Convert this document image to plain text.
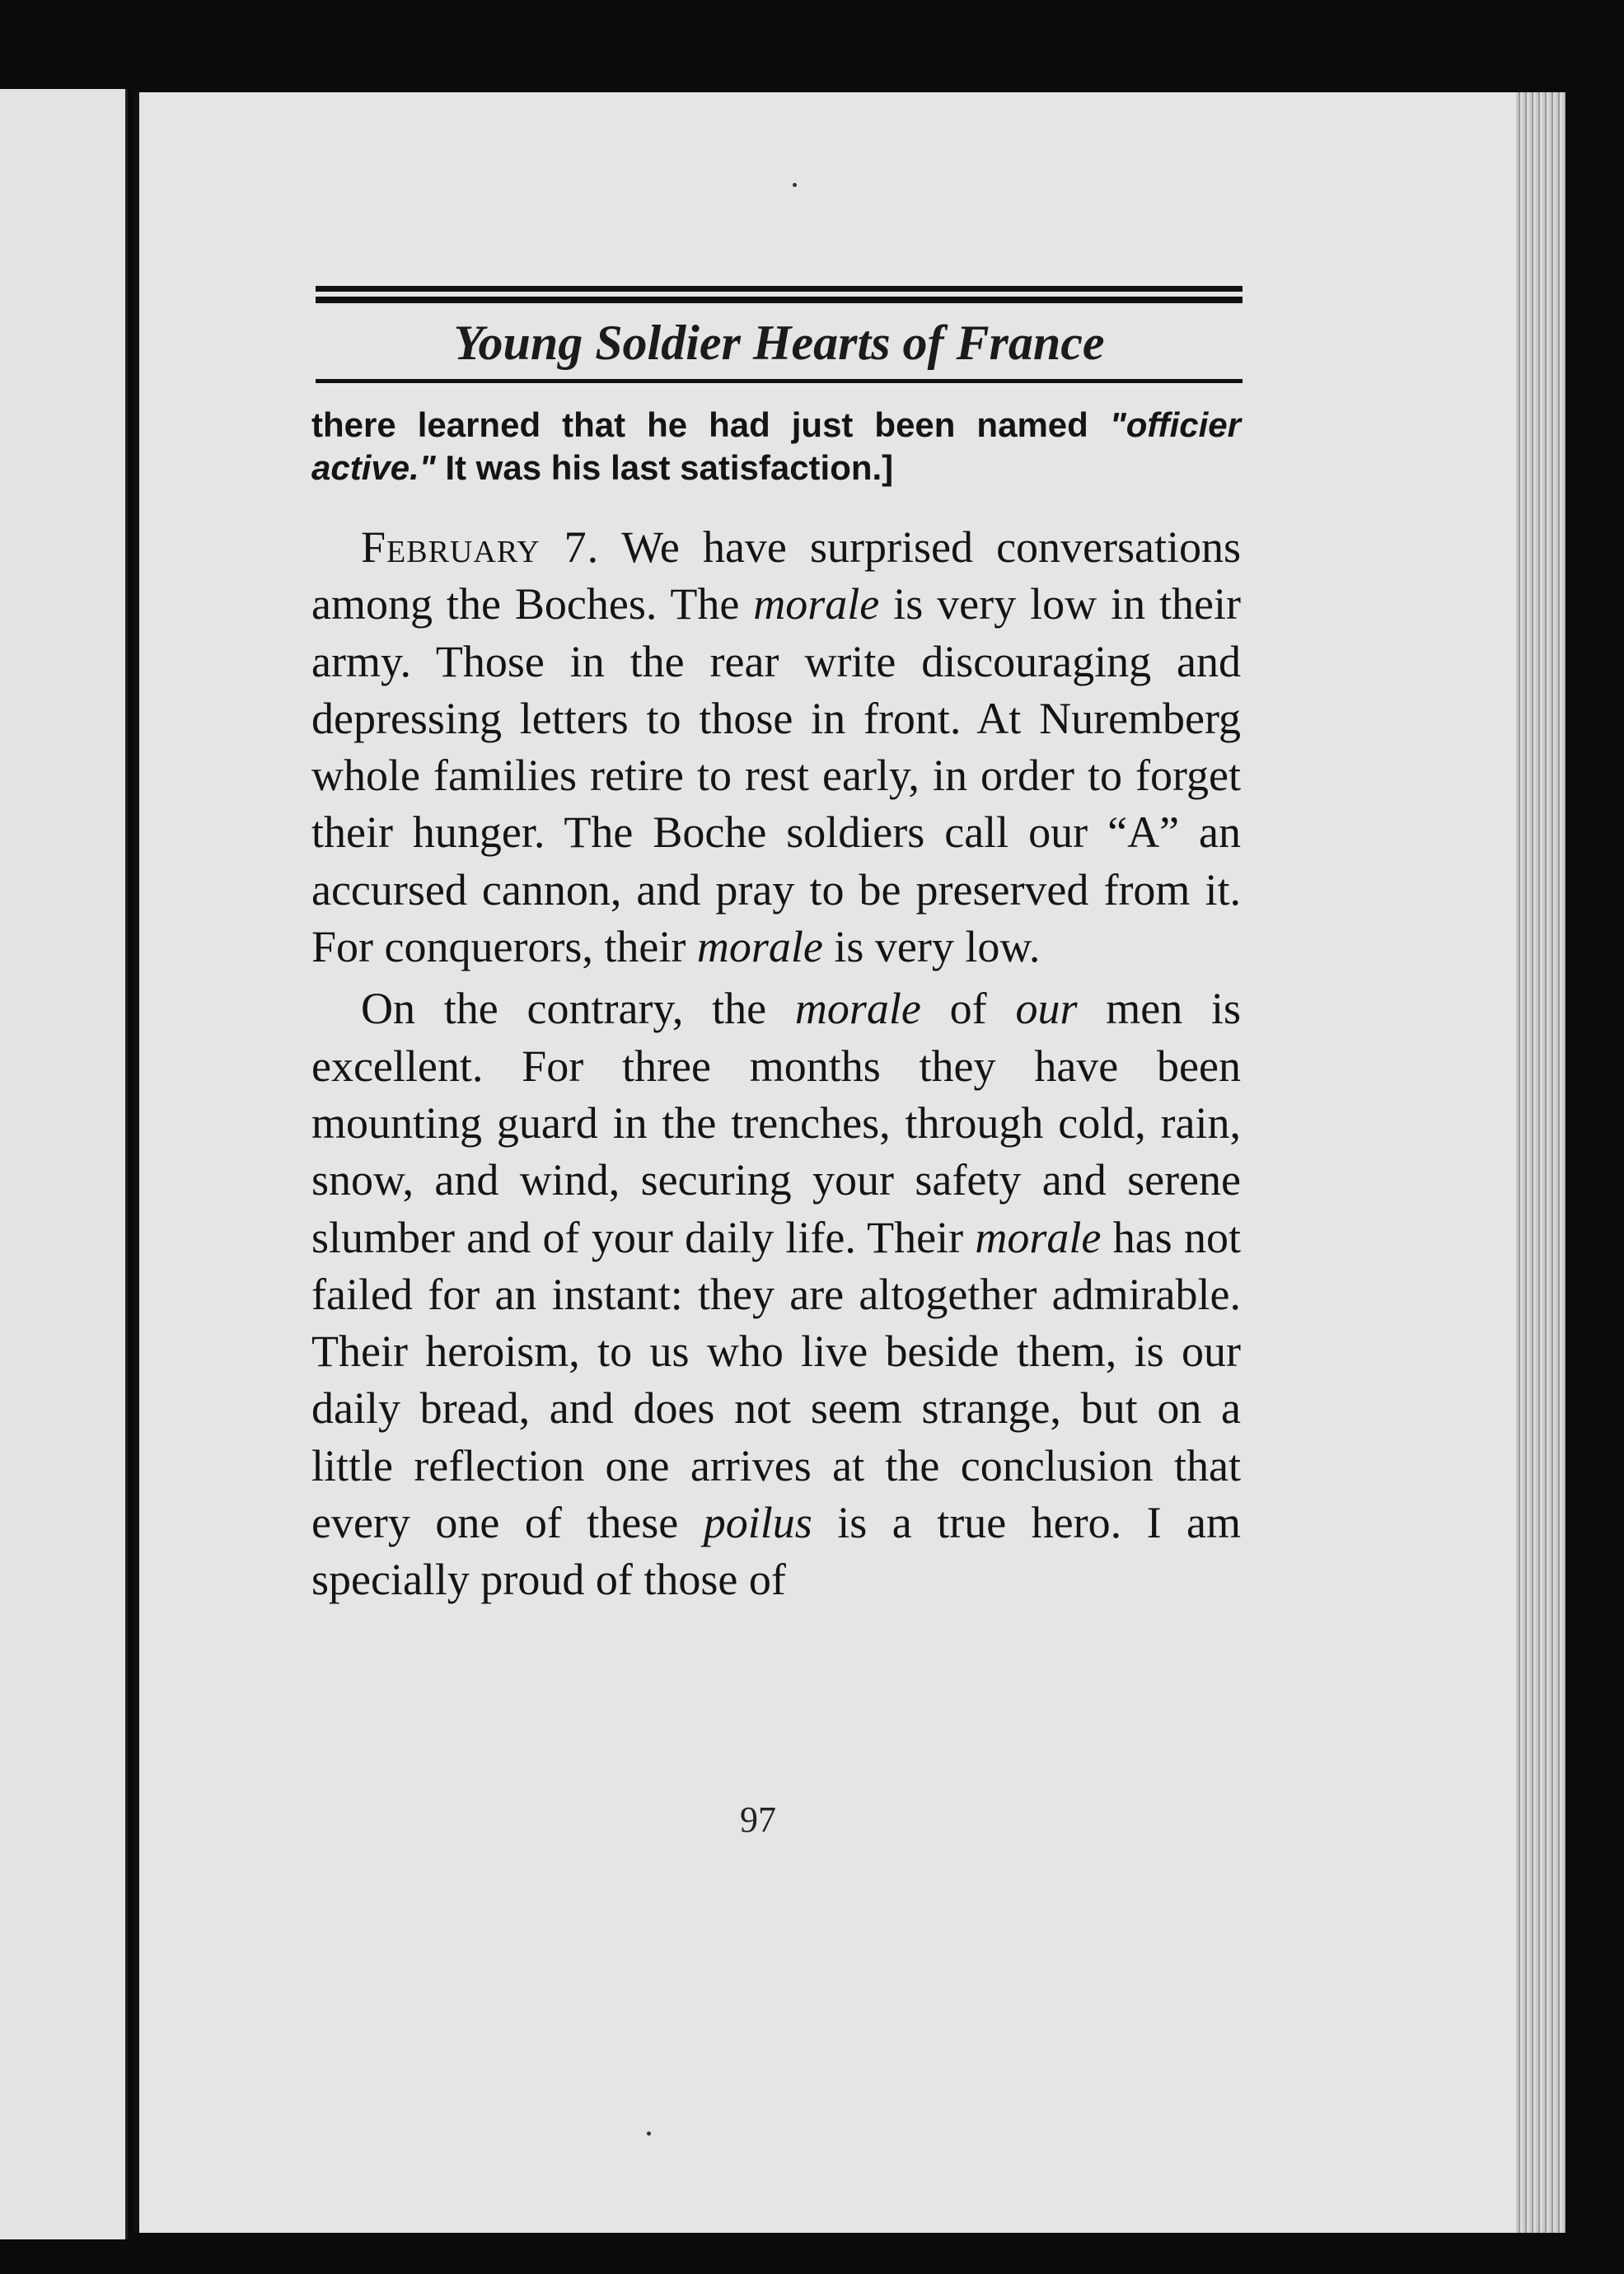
Young Soldier Hearts of France

there learned that he had just been named "officier active." It was his last satisfaction.]

February 7. We have surprised conversations among the Boches. The morale is very low in their army. Those in the rear write discouraging and depressing letters to those in front. At Nuremberg whole families retire to rest early, in order to forget their hunger. The Boche soldiers call our “A” an accursed cannon, and pray to be preserved from it. For conquerors, their morale is very low.

On the contrary, the morale of our men is excellent. For three months they have been mounting guard in the trenches, through cold, rain, snow, and wind, securing your safety and serene slumber and of your daily life. Their morale has not failed for an instant: they are altogether admirable. Their heroism, to us who live beside them, is our daily bread, and does not seem strange, but on a little reflection one arrives at the conclusion that every one of these poilus is a true hero. I am specially proud of those of

97
